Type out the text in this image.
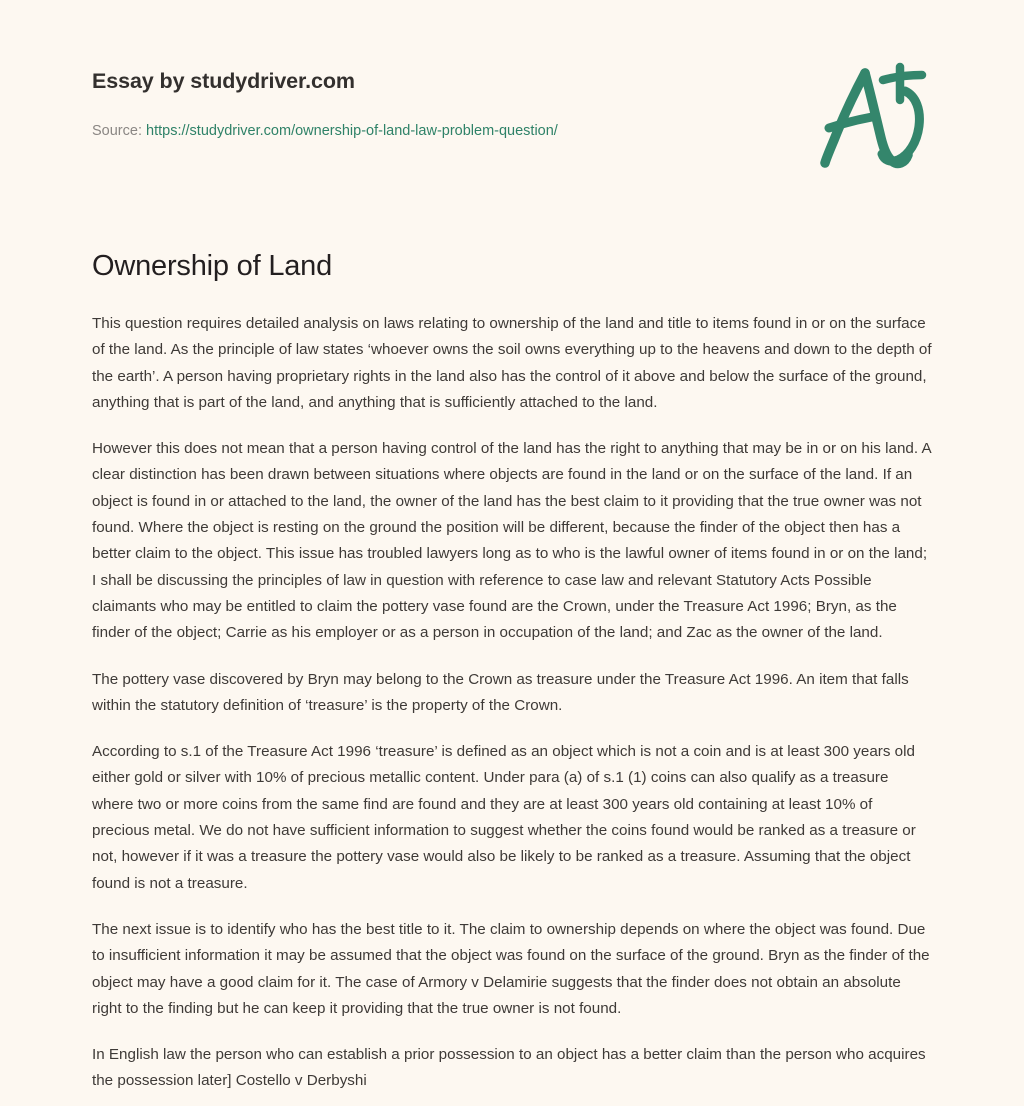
Essay by studydriver.com
Source: https://studydriver.com/ownership-of-land-law-problem-question/
Ownership of Land

This question requires detailed analysis on laws relating to ownership of the land and title to items found in or on the surface of the land. As the principle of law states ‘whoever owns the soil owns everything up to the heavens and down to the depth of the earth’. A person having proprietary rights in the land also has the control of it above and below the surface of the ground, anything that is part of the land, and anything that is sufficiently attached to the land.

However this does not mean that a person having control of the land has the right to anything that may be in or on his land. A clear distinction has been drawn between situations where objects are found in the land or on the surface of the land. If an object is found in or attached to the land, the owner of the land has the best claim to it providing that the true owner was not found. Where the object is resting on the ground the position will be different, because the finder of the object then has a better claim to the object. This issue has troubled lawyers long as to who is the lawful owner of items found in or on the land; I shall be discussing the principles of law in question with reference to case law and relevant Statutory Acts Possible claimants who may be entitled to claim the pottery vase found are the Crown, under the Treasure Act 1996; Bryn, as the finder of the object; Carrie as his employer or as a person in occupation of the land; and Zac as the owner of the land.

The pottery vase discovered by Bryn may belong to the Crown as treasure under the Treasure Act 1996. An item that falls within the statutory definition of ‘treasure’ is the property of the Crown.

According to s.1 of the Treasure Act 1996 ‘treasure’ is defined as an object which is not a coin and is at least 300 years old either gold or silver with 10% of precious metallic content. Under para (a) of s.1 (1) coins can also qualify as a treasure where two or more coins from the same find are found and they are at least 300 years old containing at least 10% of precious metal. We do not have sufficient information to suggest whether the coins found would be ranked as a treasure or not, however if it was a treasure the pottery vase would also be likely to be ranked as a treasure. Assuming that the object found is not a treasure.

The next issue is to identify who has the best title to it. The claim to ownership depends on where the object was found. Due to insufficient information it may be assumed that the object was found on the surface of the ground. Bryn as the finder of the object may have a good claim for it. The case of Armory v Delamirie suggests that the finder does not obtain an absolute right to the finding but he can keep it providing that the true owner is not found.

In English law the person who can establish a prior possession to an object has a better claim than the person who acquires the possession later] Costello v Derbyshi
